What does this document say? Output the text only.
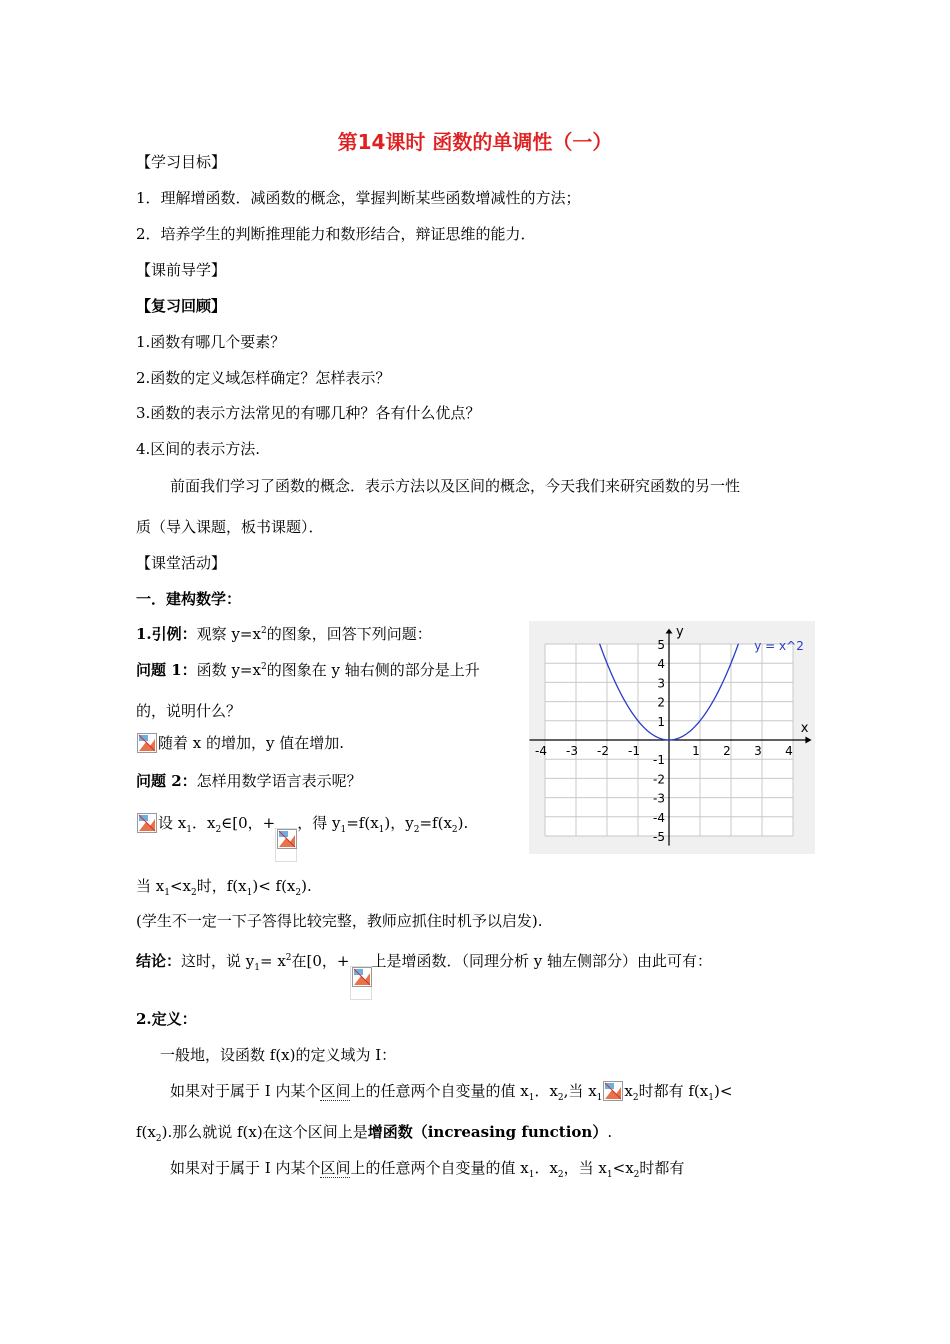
第14课时 函数的单调性（一）
【学习目标】
1．理解增函数．减函数的概念，掌握判断某些函数增减性的方法；
2．培养学生的判断推理能力和数形结合，辩证思维的能力．
【课前导学】
【复习回顾】
1.函数有哪几个要素？
2.函数的定义域怎样确定？怎样表示？
3.函数的表示方法常见的有哪几种？各有什么优点？
4.区间的表示方法.
前面我们学习了函数的概念．表示方法以及区间的概念，今天我们来研究函数的另一性
质（导入课题，板书课题）．
【课堂活动】
一．建构数学：
1.引例：观察 $y=x^2$的图象，回答下列问题：
问题 1：函数 $y=x^2$的图象在 y 轴右侧的部分是上升
的，说明什么？
随着 x 的增加，y 值在增加.
问题 2：怎样用数学语言表示呢？
设 $x_1$．$x_2\in[0$，+ ，得 $y_1=f(x_1)$，$y_2=f(x_2)$.
当 $x_1<x_2$时，$f(x_1)< f(x_2)$.
(学生不一定一下子答得比较完整，教师应抓住时机予以启发).
结论：这时，说 $y_1= x^2$在[0，+ 上是增函数．（同理分析 y 轴左侧部分）由此可有：
2.定义：
一般地，设函数 f(x)的定义域为 I：
如果对于属于 I 内某个区间上的任意两个自变量的值 $x_1$．$x_2$,当 $x_1$ $x_2$时都有 $f(x_1)<$
$f(x_2)$.那么就说 f(x)在这个区间上是增函数（increasing function）.
如果对于属于 I 内某个区间上的任意两个自变量的值 $x_1$．$x_2$，当 $x_1<x_2$时都有
-4 -3 -2 -1	1 2 3 4
5
4
3
2
1
-1
-2
-3
-4
-5
x
y
y = x^2
